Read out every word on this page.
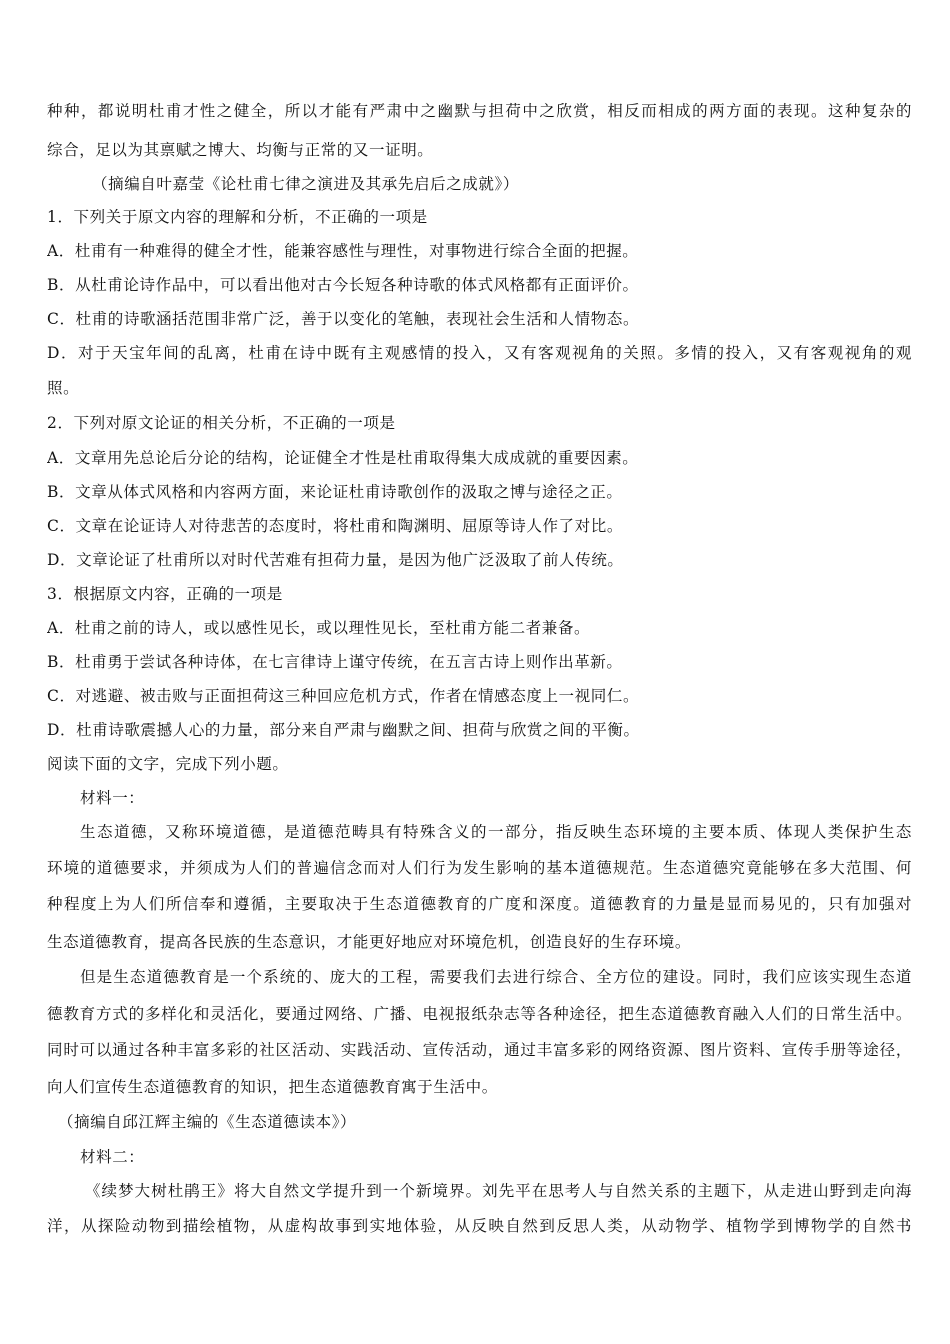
种种，都说明杜甫才性之健全，所以才能有严肃中之幽默与担荷中之欣赏，相反而相成的两方面的表现。这种复杂的
综合，足以为其禀赋之博大、均衡与正常的又一证明。
（摘编自叶嘉莹《论杜甫七律之演进及其承先启后之成就》）
1．下列关于原文内容的理解和分析，不正确的一项是
A．杜甫有一种难得的健全才性，能兼容感性与理性，对事物进行综合全面的把握。
B．从杜甫论诗作品中，可以看出他对古今长短各种诗歌的体式风格都有正面评价。
C．杜甫的诗歌涵括范围非常广泛，善于以变化的笔触，表现社会生活和人情物态。
D．对于天宝年间的乱离，杜甫在诗中既有主观感情的投入，又有客观视角的关照。多情的投入，又有客观视角的观
照。
2．下列对原文论证的相关分析，不正确的一项是
A．文章用先总论后分论的结构，论证健全才性是杜甫取得集大成成就的重要因素。
B．文章从体式风格和内容两方面，来论证杜甫诗歌创作的汲取之博与途径之正。
C．文章在论证诗人对待悲苦的态度时，将杜甫和陶渊明、屈原等诗人作了对比。
D．文章论证了杜甫所以对时代苦难有担荷力量，是因为他广泛汲取了前人传统。
3．根据原文内容，正确的一项是
A．杜甫之前的诗人，或以感性见长，或以理性见长，至杜甫方能二者兼备。
B．杜甫勇于尝试各种诗体，在七言律诗上谨守传统，在五言古诗上则作出革新。
C．对逃避、被击败与正面担荷这三种回应危机方式，作者在情感态度上一视同仁。
D．杜甫诗歌震撼人心的力量，部分来自严肃与幽默之间、担荷与欣赏之间的平衡。
阅读下面的文字，完成下列小题。
材料一：
生态道德，又称环境道德，是道德范畴具有特殊含义的一部分，指反映生态环境的主要本质、体现人类保护生态
环境的道德要求，并须成为人们的普遍信念而对人们行为发生影响的基本道德规范。生态道德究竟能够在多大范围、何
种程度上为人们所信奉和遵循，主要取决于生态道德教育的广度和深度。道德教育的力量是显而易见的，只有加强对
生态道德教育，提高各民族的生态意识，才能更好地应对环境危机，创造良好的生存环境。
但是生态道德教育是一个系统的、庞大的工程，需要我们去进行综合、全方位的建设。同时，我们应该实现生态道
德教育方式的多样化和灵活化，要通过网络、广播、电视报纸杂志等各种途径，把生态道德教育融入人们的日常生活中。
同时可以通过各种丰富多彩的社区活动、实践活动、宣传活动，通过丰富多彩的网络资源、图片资料、宣传手册等途径，
向人们宣传生态道德教育的知识，把生态道德教育寓于生活中。
（摘编自邱江辉主编的《生态道德读本》）
材料二：
《续梦大树杜鹃王》将大自然文学提升到一个新境界。刘先平在思考人与自然关系的主题下，从走进山野到走向海
洋，从探险动物到描绘植物，从虚构故事到实地体验，从反映自然到反思人类，从动物学、植物学到博物学的自然书
